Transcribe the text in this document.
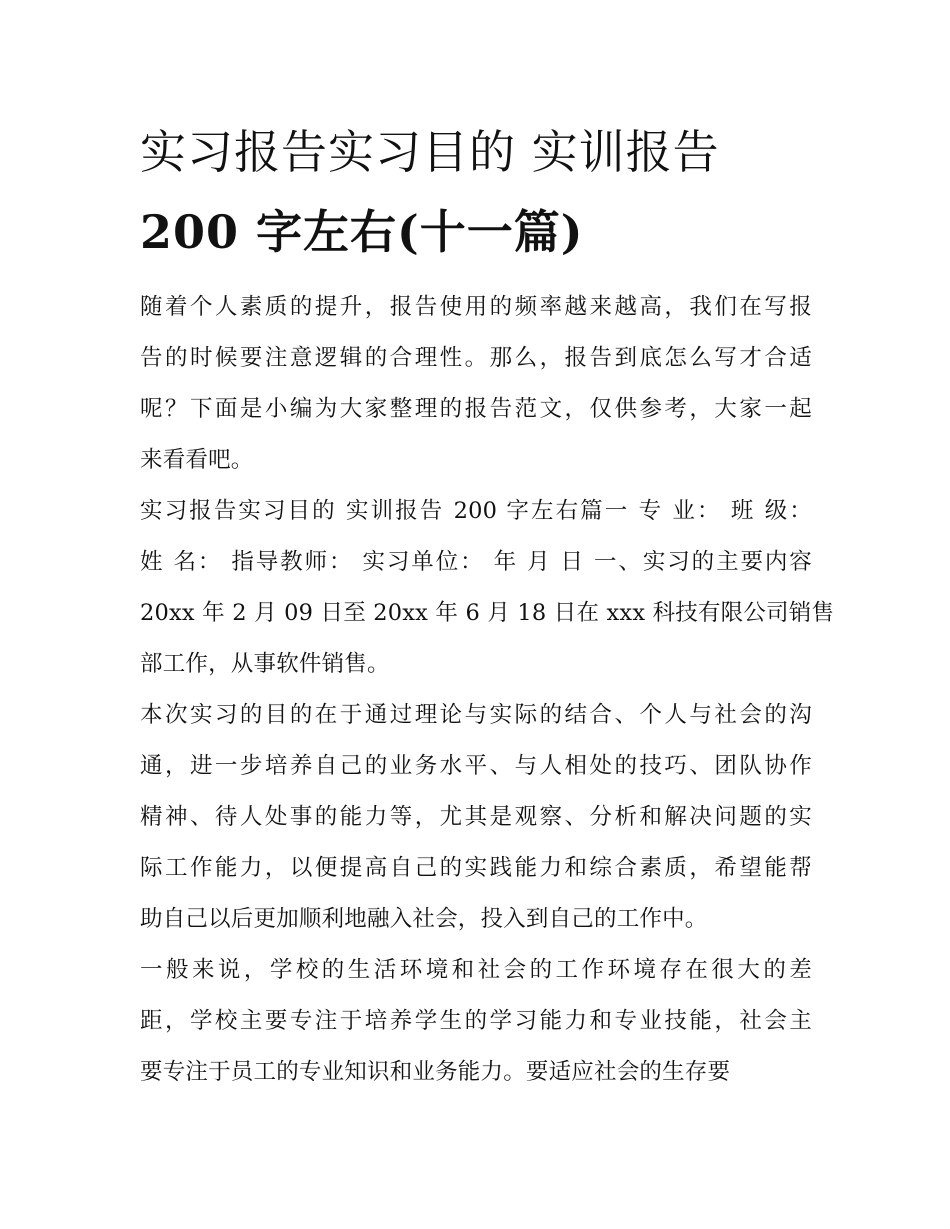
实习报告实习目的 实训报告
200 字左右(十一篇)

随着个人素质的提升，报告使用的频率越来越高，我们在写报
告的时候要注意逻辑的合理性。那么，报告到底怎么写才合适
呢？下面是小编为大家整理的报告范文，仅供参考，大家一起
来看看吧。

实习报告实习目的 实训报告 200 字左右篇一 专 业： 班 级：
姓 名： 指导教师： 实习单位： 年 月 日 一、实习的主要内容
20xx 年 2 月 09 日至 20xx 年 6 月 18 日在 xxx 科技有限公司销售
部工作，从事软件销售。

本次实习的目的在于通过理论与实际的结合、个人与社会的沟
通，进一步培养自己的业务水平、与人相处的技巧、团队协作
精神、待人处事的能力等，尤其是观察、分析和解决问题的实
际工作能力，以便提高自己的实践能力和综合素质，希望能帮
助自己以后更加顺利地融入社会，投入到自己的工作中。

一般来说，学校的生活环境和社会的工作环境存在很大的差
距，学校主要专注于培养学生的学习能力和专业技能，社会主
要专注于员工的专业知识和业务能力。要适应社会的生存要
